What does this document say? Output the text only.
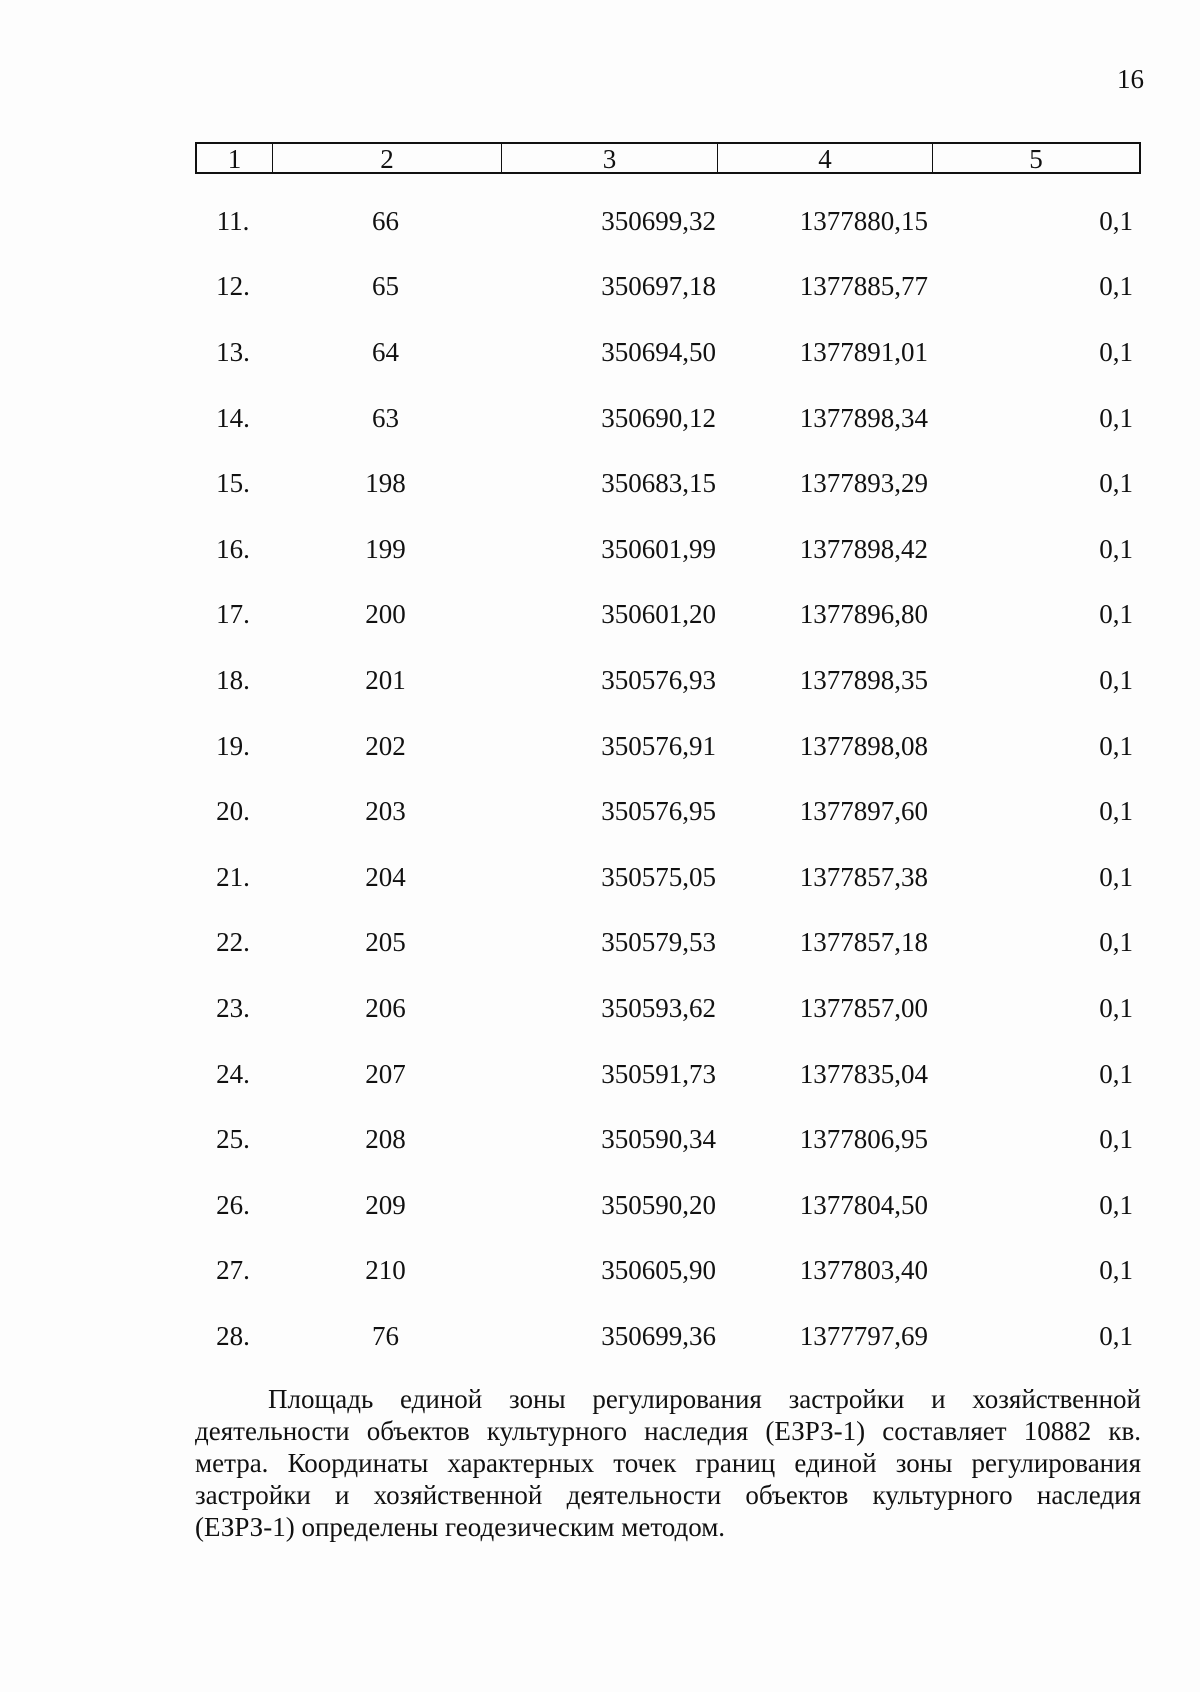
16
1	2	3	4	5
11.	66	350699,32	1377880,15	0,1
12.	65	350697,18	1377885,77	0,1
13.	64	350694,50	1377891,01	0,1
14.	63	350690,12	1377898,34	0,1
15.	198	350683,15	1377893,29	0,1
16.	199	350601,99	1377898,42	0,1
17.	200	350601,20	1377896,80	0,1
18.	201	350576,93	1377898,35	0,1
19.	202	350576,91	1377898,08	0,1
20.	203	350576,95	1377897,60	0,1
21.	204	350575,05	1377857,38	0,1
22.	205	350579,53	1377857,18	0,1
23.	206	350593,62	1377857,00	0,1
24.	207	350591,73	1377835,04	0,1
25.	208	350590,34	1377806,95	0,1
26.	209	350590,20	1377804,50	0,1
27.	210	350605,90	1377803,40	0,1
28.	76	350699,36	1377797,69	0,1
Площадь единой зоны регулирования застройки и хозяйственной деятельности объектов культурного наследия (ЕЗРЗ-1) составляет 10882 кв. метра. Координаты характерных точек границ единой зоны регулирования застройки и хозяйственной деятельности объектов культурного наследия (ЕЗРЗ-1) определены геодезическим методом.
